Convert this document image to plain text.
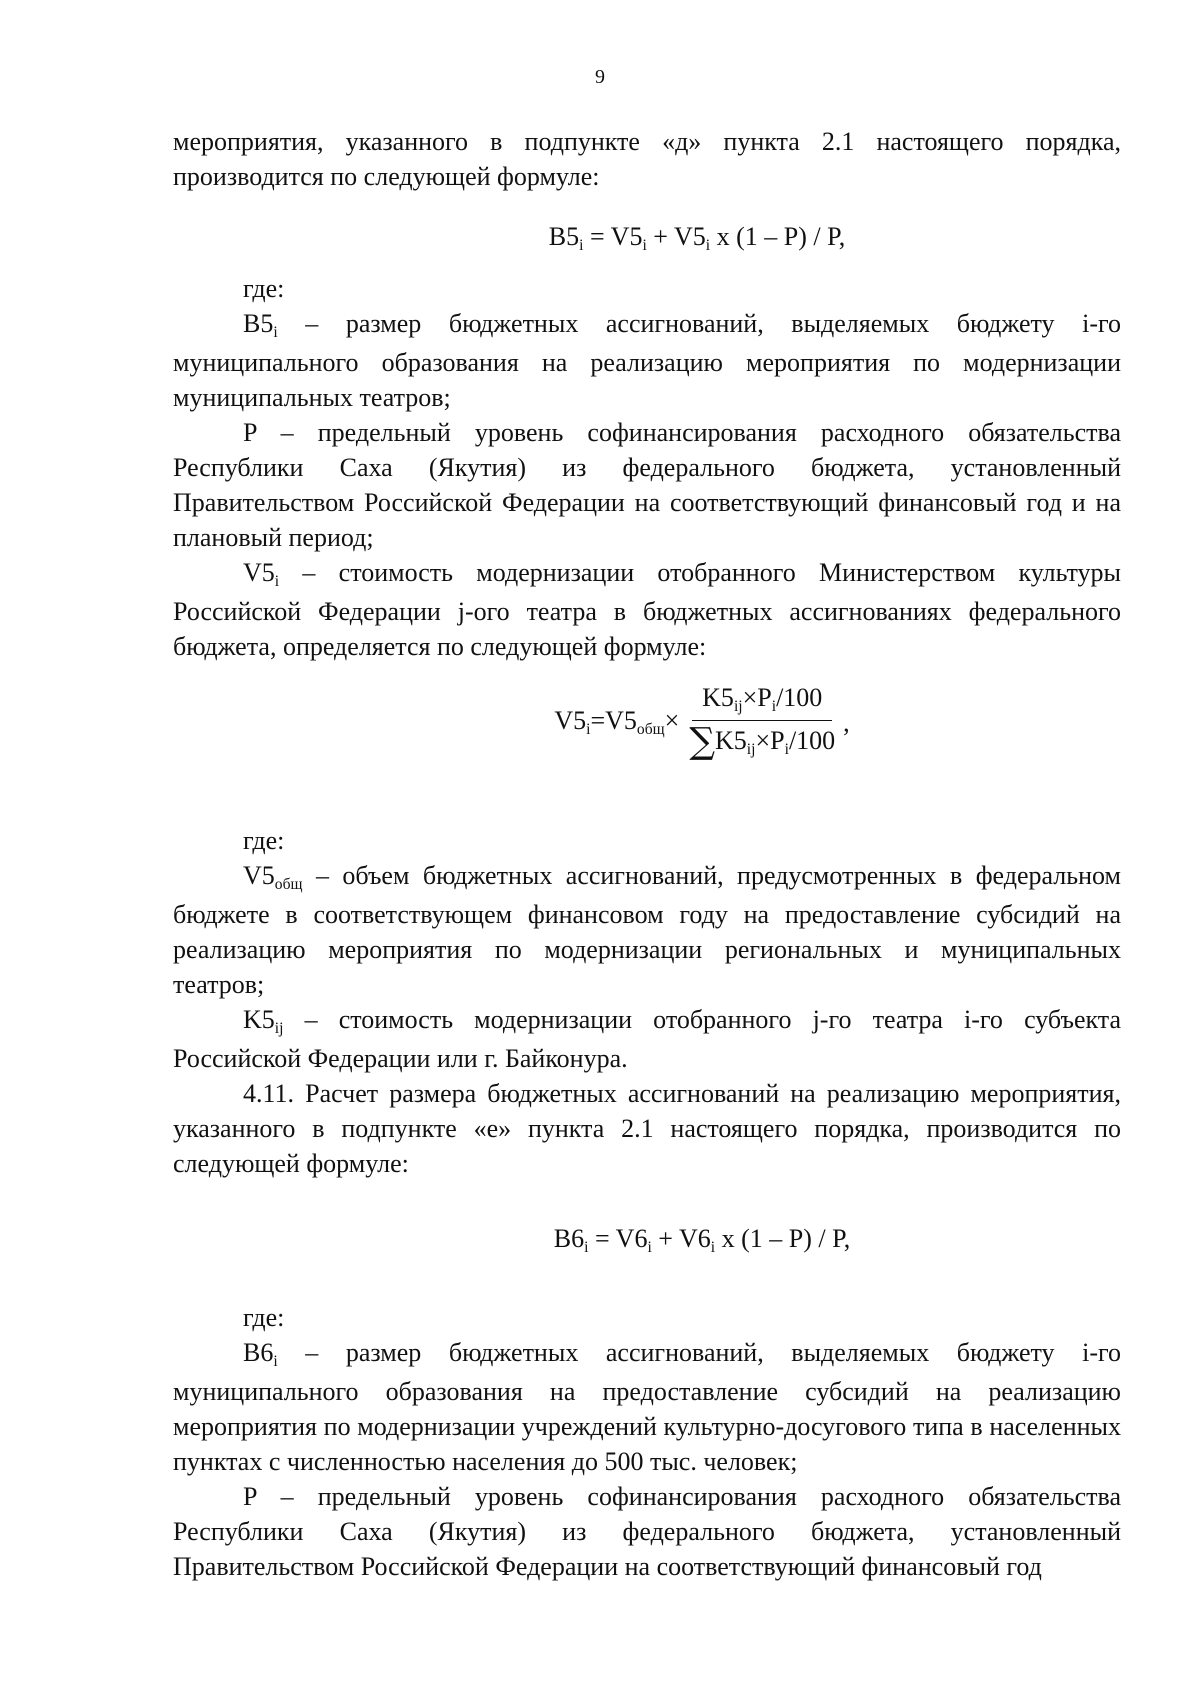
9

мероприятия, указанного в подпункте «д» пункта 2.1 настоящего порядка, производится по следующей формуле:

$B5_i = V5_i + V5_i$ x (1 – P) / P,

где:

$B5_i$ – размер бюджетных ассигнований, выделяемых бюджету i-го муниципального образования на реализацию мероприятия по модернизации муниципальных театров;

P – предельный уровень софинансирования расходного обязательства Республики Саха (Якутия) из федерального бюджета, установленный Правительством Российской Федерации на соответствующий финансовый год и на плановый период;

$V5_i$ – стоимость модернизации отобранного Министерством культуры Российской Федерации j-ого театра в бюджетных ассигнованиях федерального бюджета, определяется по следующей формуле:

$V5_i=V5_{общ}\times \frac{K5_{ij}\times P_i/100}{\sum K5_{ij}\times P_i/100}$ ,

где:

$V5_{общ}$ – объем бюджетных ассигнований, предусмотренных в федеральном бюджете в соответствующем финансовом году на предоставление субсидий на реализацию мероприятия по модернизации региональных и муниципальных театров;

$K5_{ij}$ – стоимость модернизации отобранного j-го театра i-го субъекта Российской Федерации или г. Байконура.

4.11. Расчет размера бюджетных ассигнований на реализацию мероприятия, указанного в подпункте «е» пункта 2.1 настоящего порядка, производится по следующей формуле:

$B6_i = V6_i + V6_i$ x (1 – P) / P,

где:

$B6_i$ – размер бюджетных ассигнований, выделяемых бюджету i-го муниципального образования на предоставление субсидий на реализацию мероприятия по модернизации учреждений культурно-досугового типа в населенных пунктах с численностью населения до 500 тыс. человек;

P – предельный уровень софинансирования расходного обязательства Республики Саха (Якутия) из федерального бюджета, установленный Правительством Российской Федерации на соответствующий финансовый год
